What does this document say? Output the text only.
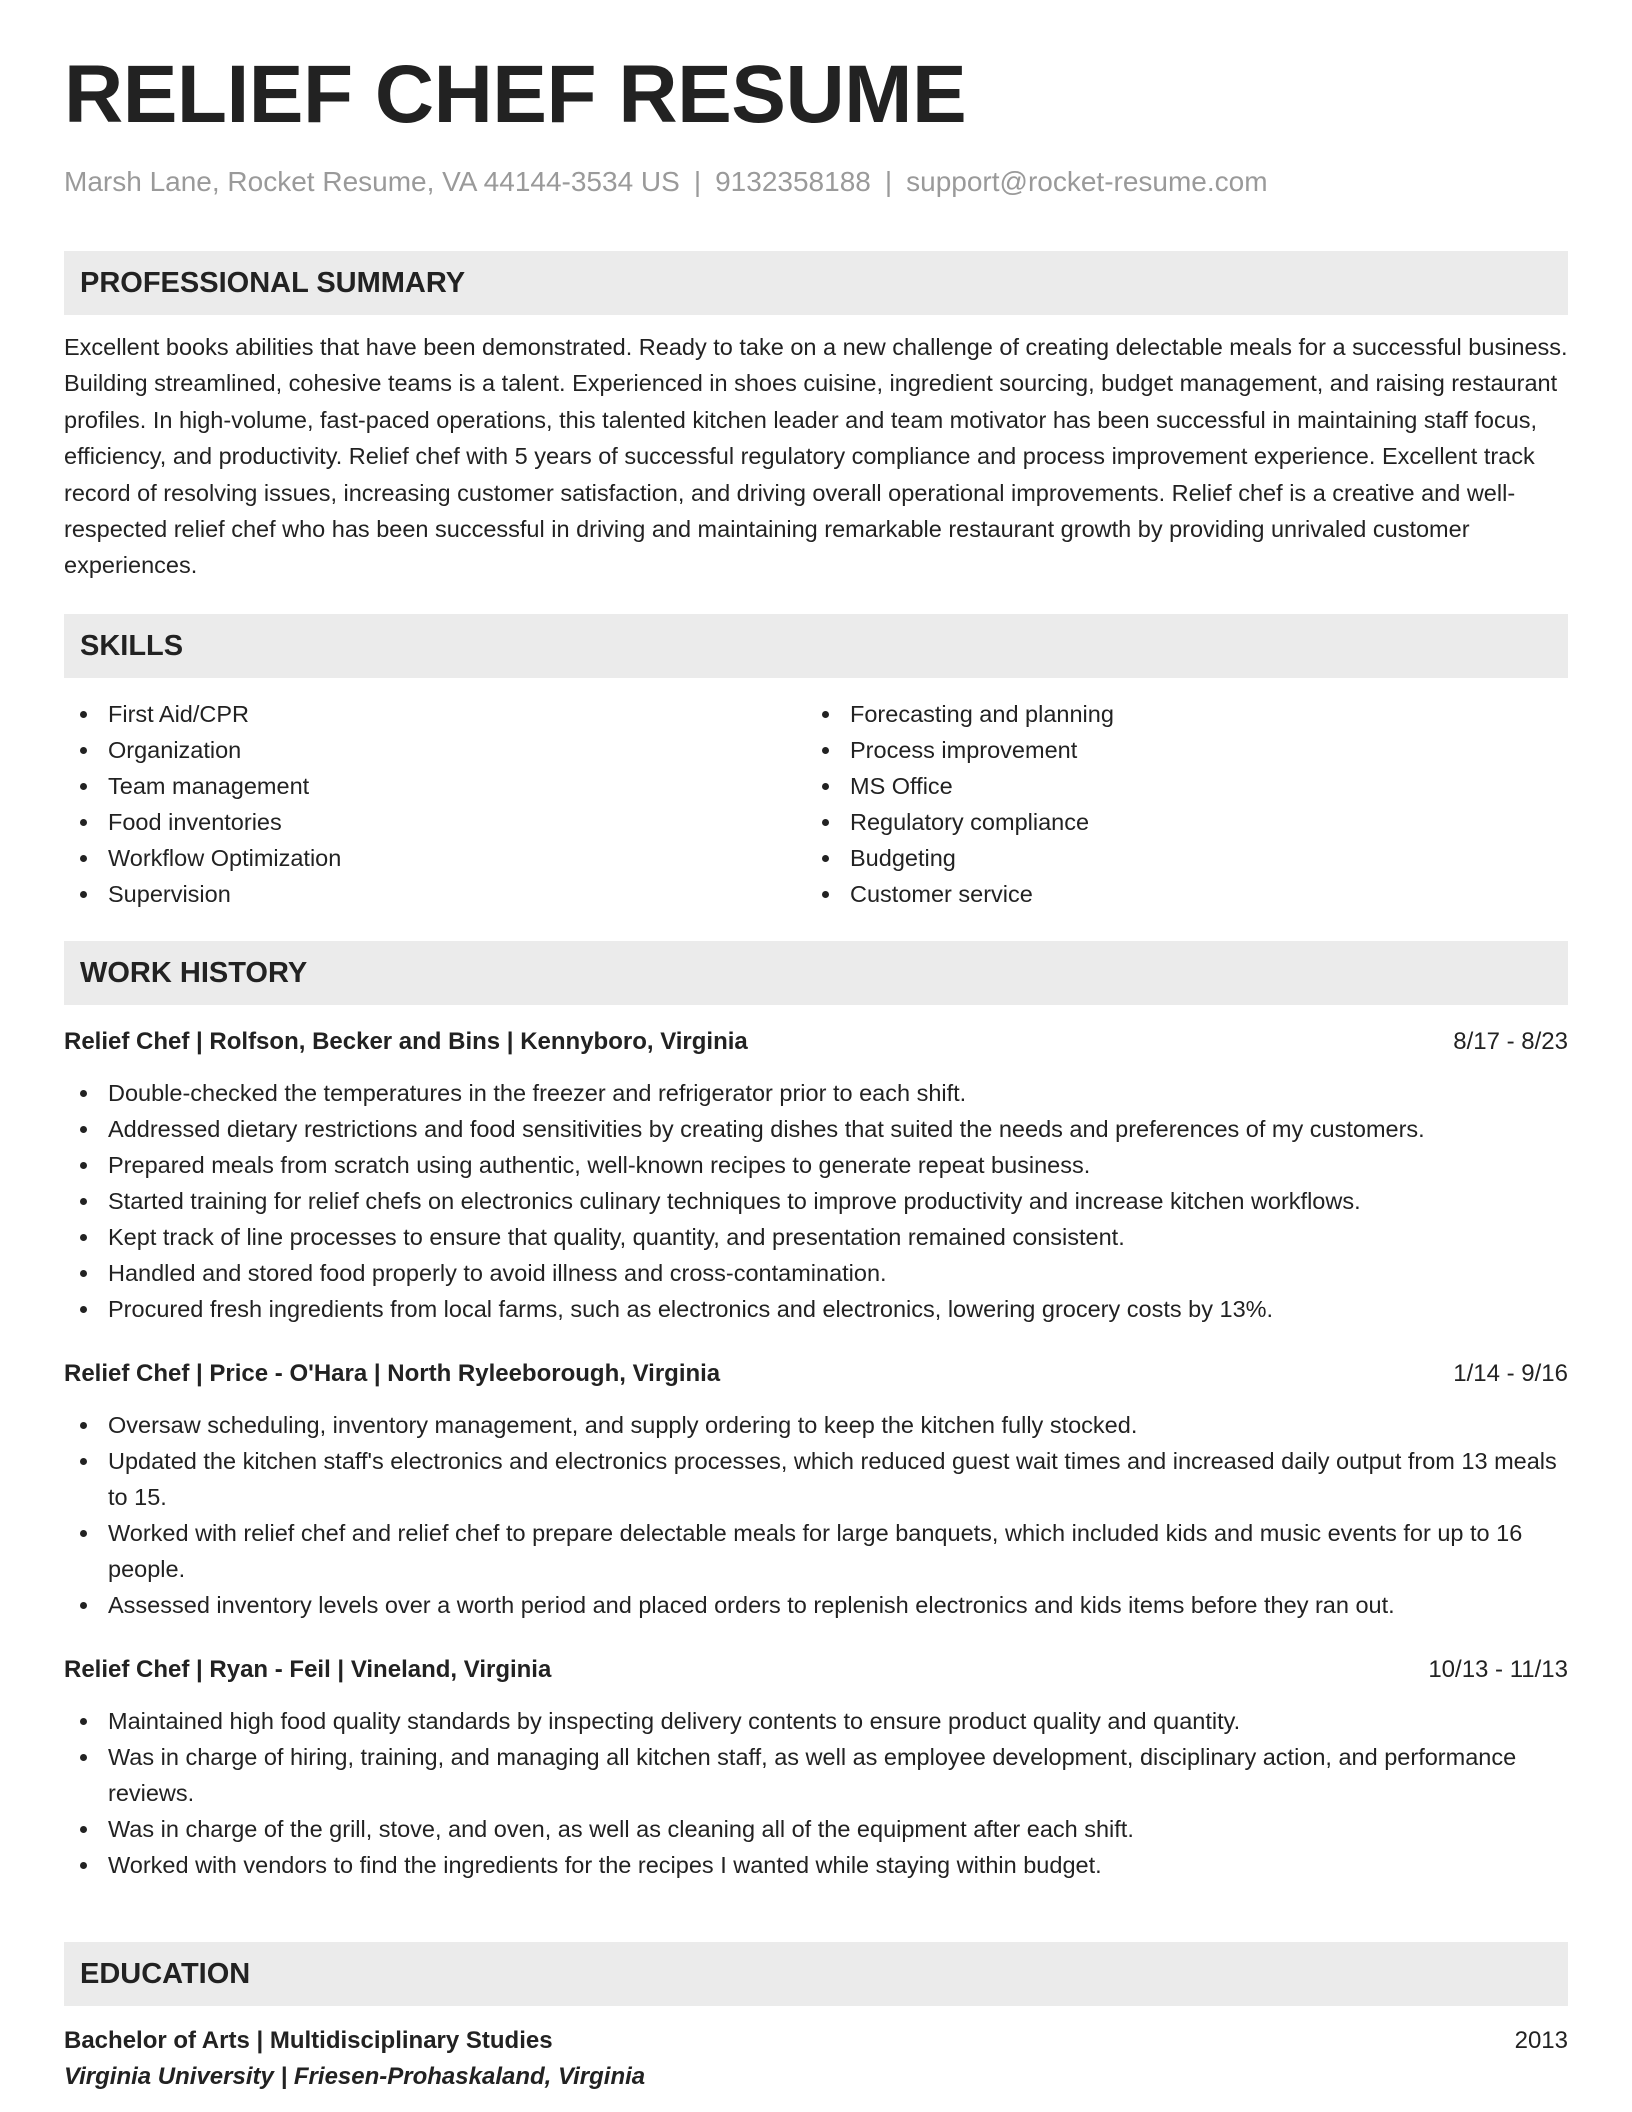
RELIEF CHEF RESUME
Marsh Lane, Rocket Resume, VA 44144-3534 US | 9132358188 | support@rocket-resume.com
PROFESSIONAL SUMMARY

Excellent books abilities that have been demonstrated. Ready to take on a new challenge of creating delectable meals for a successful business. Building streamlined, cohesive teams is a talent. Experienced in shoes cuisine, ingredient sourcing, budget management, and raising restaurant profiles. In high-volume, fast-paced operations, this talented kitchen leader and team motivator has been successful in maintaining staff focus, efficiency, and productivity. Relief chef with 5 years of successful regulatory compliance and process improvement experience. Excellent track record of resolving issues, increasing customer satisfaction, and driving overall operational improvements. Relief chef is a creative and well-respected relief chef who has been successful in driving and maintaining remarkable restaurant growth by providing unrivaled customer experiences.

SKILLS
First Aid/CPR
Organization
Team management
Food inventories
Workflow Optimization
Supervision
Forecasting and planning
Process improvement
MS Office
Regulatory compliance
Budgeting
Customer service
WORK HISTORY
Relief Chef | Rolfson, Becker and Bins | Kennyboro, Virginia	8/17 - 8/23
Double-checked the temperatures in the freezer and refrigerator prior to each shift.
Addressed dietary restrictions and food sensitivities by creating dishes that suited the needs and preferences of my customers.
Prepared meals from scratch using authentic, well-known recipes to generate repeat business.
Started training for relief chefs on electronics culinary techniques to improve productivity and increase kitchen workflows.
Kept track of line processes to ensure that quality, quantity, and presentation remained consistent.
Handled and stored food properly to avoid illness and cross-contamination.
Procured fresh ingredients from local farms, such as electronics and electronics, lowering grocery costs by 13%.
Relief Chef | Price - O'Hara | North Ryleeborough, Virginia	1/14 - 9/16
Oversaw scheduling, inventory management, and supply ordering to keep the kitchen fully stocked.
Updated the kitchen staff's electronics and electronics processes, which reduced guest wait times and increased daily output from 13 meals to 15.
Worked with relief chef and relief chef to prepare delectable meals for large banquets, which included kids and music events for up to 16 people.
Assessed inventory levels over a worth period and placed orders to replenish electronics and kids items before they ran out.
Relief Chef | Ryan - Feil | Vineland, Virginia	10/13 - 11/13
Maintained high food quality standards by inspecting delivery contents to ensure product quality and quantity.
Was in charge of hiring, training, and managing all kitchen staff, as well as employee development, disciplinary action, and performance reviews.
Was in charge of the grill, stove, and oven, as well as cleaning all of the equipment after each shift.
Worked with vendors to find the ingredients for the recipes I wanted while staying within budget.
EDUCATION
Bachelor of Arts | Multidisciplinary Studies	2013
Virginia University | Friesen-Prohaskaland, Virginia
